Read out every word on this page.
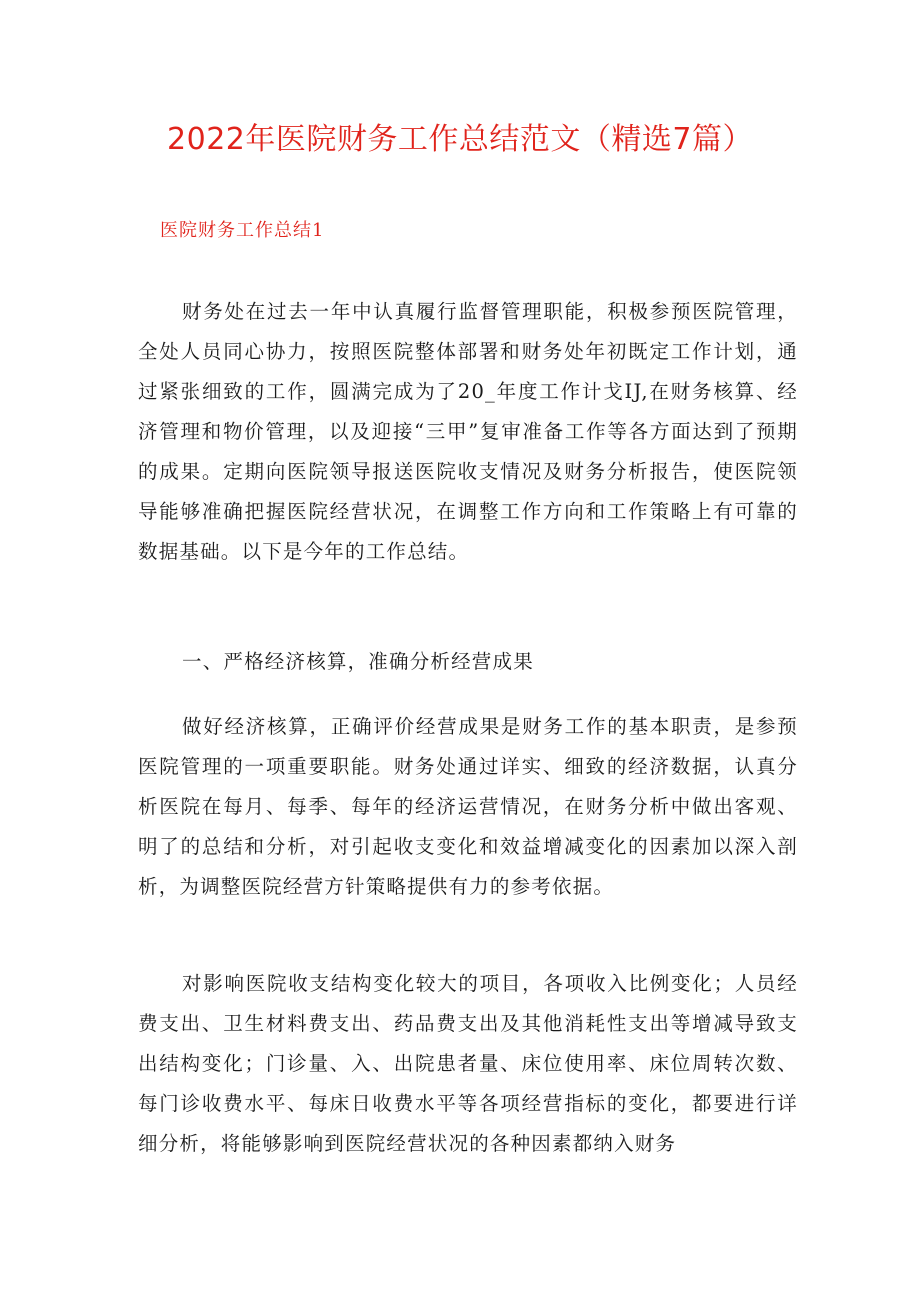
2022年医院财务工作总结范文（精选7篇）
医院财务工作总结1
财务处在过去一年中认真履行监督管理职能，积极参预医院管理，全处人员同心协力，按照医院整体部署和财务处年初既定工作计划，通过紧张细致的工作，圆满完成为了20_年度工作计戈IJ,在财务核算、经济管理和物价管理，以及迎接“三甲”复审准备工作等各方面达到了预期的成果。定期向医院领导报送医院收支情况及财务分析报告，使医院领导能够准确把握医院经营状况，在调整工作方向和工作策略上有可靠的数据基础。以下是今年的工作总结。
一、严格经济核算，准确分析经营成果
做好经济核算，正确评价经营成果是财务工作的基本职责，是参预医院管理的一项重要职能。财务处通过详实、细致的经济数据，认真分析医院在每月、每季、每年的经济运营情况，在财务分析中做出客观、明了的总结和分析，对引起收支变化和效益增减变化的因素加以深入剖析，为调整医院经营方针策略提供有力的参考依据。
对影响医院收支结构变化较大的项目，各项收入比例变化；人员经费支出、卫生材料费支出、药品费支出及其他消耗性支出等增减导致支出结构变化；门诊量、入、出院患者量、床位使用率、床位周转次数、每门诊收费水平、每床日收费水平等各项经营指标的变化，都要进行详细分析，将能够影响到医院经营状况的各种因素都纳入财务
